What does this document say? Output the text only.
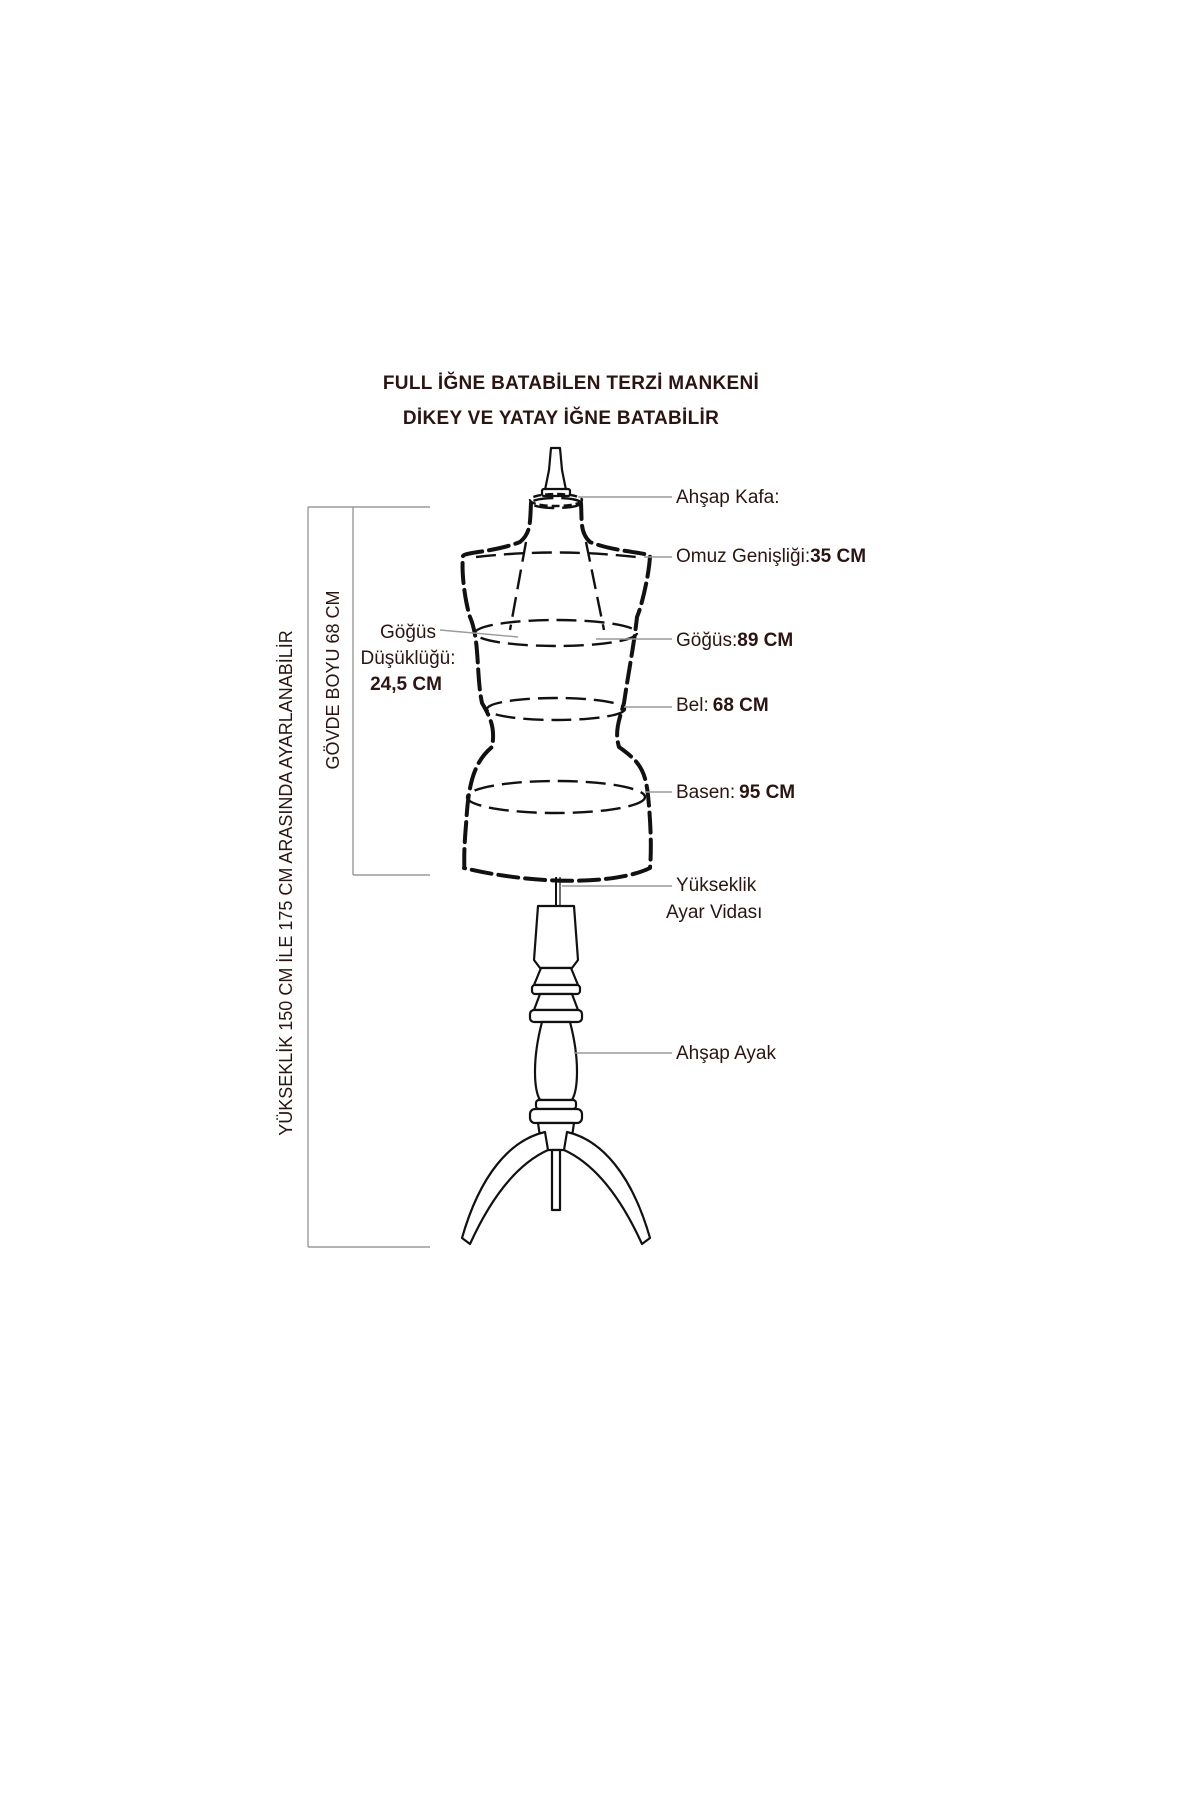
FULL İĞNE BATABİLEN TERZİ MANKENİ
DİKEY VE YATAY İĞNE BATABİLİR
YÜKSEKLİK 150 CM İLE 175 CM ARASINDA AYARLANABİLİR GÖVDE BOYU 68 CM
Ahşap Kafa:
Omuz Genişliği:35 CM
Göğüs:89 CM
Bel: 68 CM
Basen: 95 CM
Yükseklik
Ayar Vidası
Ahşap Ayak
Göğüs
Düşüklüğü:
24,5 CM
